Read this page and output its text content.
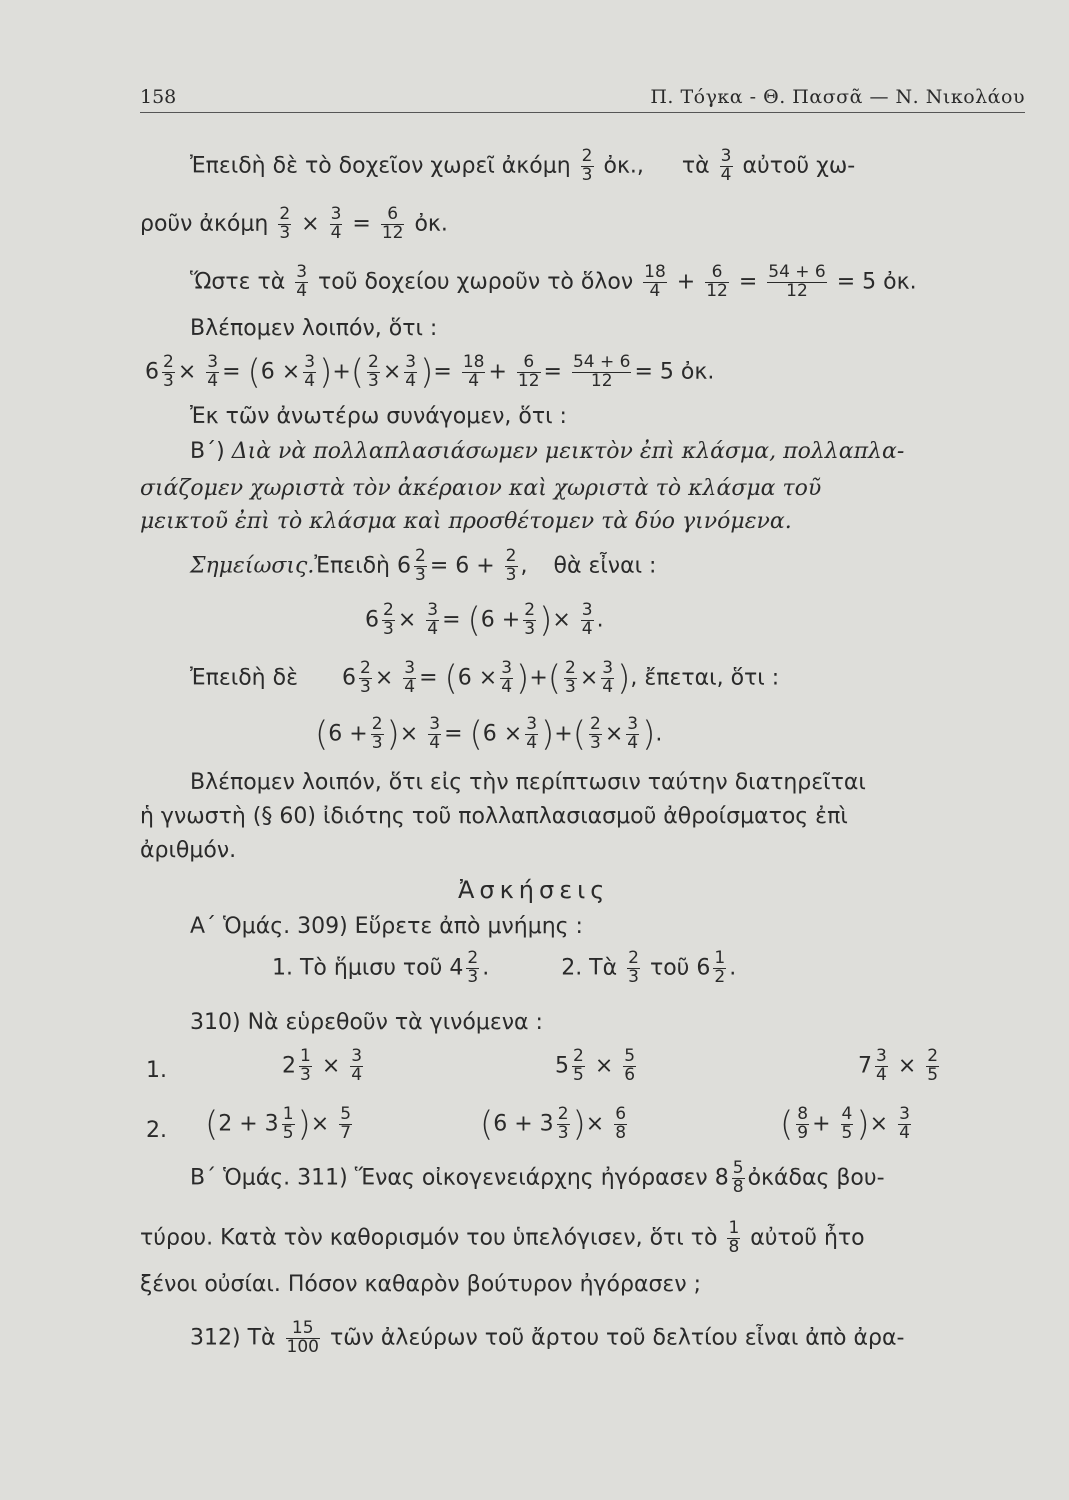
158	Π. Τόγκα - Θ. Πασσᾶ — Ν. Νικολάου
Ἐπειδὴ δὲ τὸ δοχεῖον χωρεῖ ἀκόμη $\frac{2}{3}$ ὀκ., τὰ $\frac{3}{4}$ αὐτοῦ χω-
ροῦν ἀκόμη $\frac{2}{3} \times \frac{3}{4} = \frac{6}{12}$ ὀκ.
Ὥστε τὰ $\frac{3}{4}$ τοῦ δοχείου χωροῦν τὸ ὅλον $\frac{18}{4} + \frac{6}{12} = \frac{54 + 6}{12} = 5$ ὀκ.
Βλέπομεν λοιπόν, ὅτι :
$6 \frac{2}{3} \times \frac{3}{4} = (6 \times \frac{3}{4}$ )+( $\frac{2}{3} \times \frac{3}{4}$ )= $\frac{18}{4} + \frac{6}{12} = \frac{54 + 6}{12} = 5$ ὀκ.
Ἐκ τῶν ἀνωτέρω συνάγομεν, ὅτι :
Β΄) Διὰ νὰ πολλαπλασιάσωμεν μεικτὸν ἐπὶ κλάσμα, πολλαπλα-
σιάζομεν χωριστὰ τὸν ἀκέραιον καὶ χωριστὰ τὸ κλάσμα τοῦ
μεικτοῦ ἐπὶ τὸ κλάσμα καὶ προσθέτομεν τὰ δύο γινόμενα.
Σημείωσις.Ἐπειδὴ $6 \frac{2}{3} = 6 + \frac{2}{3}$ ,  θὰ εἶναι :
$6 \frac{2}{3} \times \frac{3}{4} = (6 + \frac{2}{3}$ )× $\frac{3}{4}$ .
Ἐπειδὴ δὲ  $6 \frac{2}{3} \times \frac{3}{4} = (6 \times \frac{3}{4}$ )+( $\frac{2}{3} \times \frac{3}{4}$ ), ἔπεται, ὅτι :
($6 + \frac{2}{3}$ )× $\frac{3}{4} = (6 \times \frac{3}{4}$ )+( $\frac{2}{3} \times \frac{3}{4}$ ).
Βλέπομεν λοιπόν, ὅτι εἰς τὴν περίπτωσιν ταύτην διατηρεῖται
ἡ γνωστὴ (§ 60) ἰδιότης τοῦ πολλαπλασιασμοῦ ἀθροίσματος ἐπὶ
ἀριθμόν.
Ἀσκήσεις
Α΄ Ὁμάς. 309) Εὕρετε ἀπὸ μνήμης :
1. Τὸ ἥμισυ τοῦ $4 \frac{2}{3}$ .	2. Τὰ $\frac{2}{3}$ τοῦ $6 \frac{1}{2}$ .
310) Νὰ εὑρεθοῦν τὰ γινόμενα :
1.	$2 \frac{1}{3} \times \frac{3}{4}$	$5 \frac{2}{5} \times \frac{5}{6}$	$7 \frac{3}{4} \times \frac{2}{5}$
2. ($2 + 3 \frac{1}{5}$ )× $\frac{5}{7}$	($6 + 3 \frac{2}{3}$ )× $\frac{6}{8}$	( $\frac{8}{9} + \frac{4}{5}$ )× $\frac{3}{4}$
Β΄ Ὁμάς. 311) Ἕνας οἰκογενειάρχης ἠγόρασεν $8 \frac{5}{8}$ ὀκάδας βου-
τύρου. Κατὰ τὸν καθορισμόν του ὑπελόγισεν, ὅτι τὸ $\frac{1}{8}$ αὐτοῦ ἦτο
ξένοι οὐσίαι. Πόσον καθαρὸν βούτυρον ἠγόρασεν ;
312) Τὰ $\frac{15}{100}$ τῶν ἀλεύρων τοῦ ἄρτου τοῦ δελτίου εἶναι ἀπὸ ἀρα-
